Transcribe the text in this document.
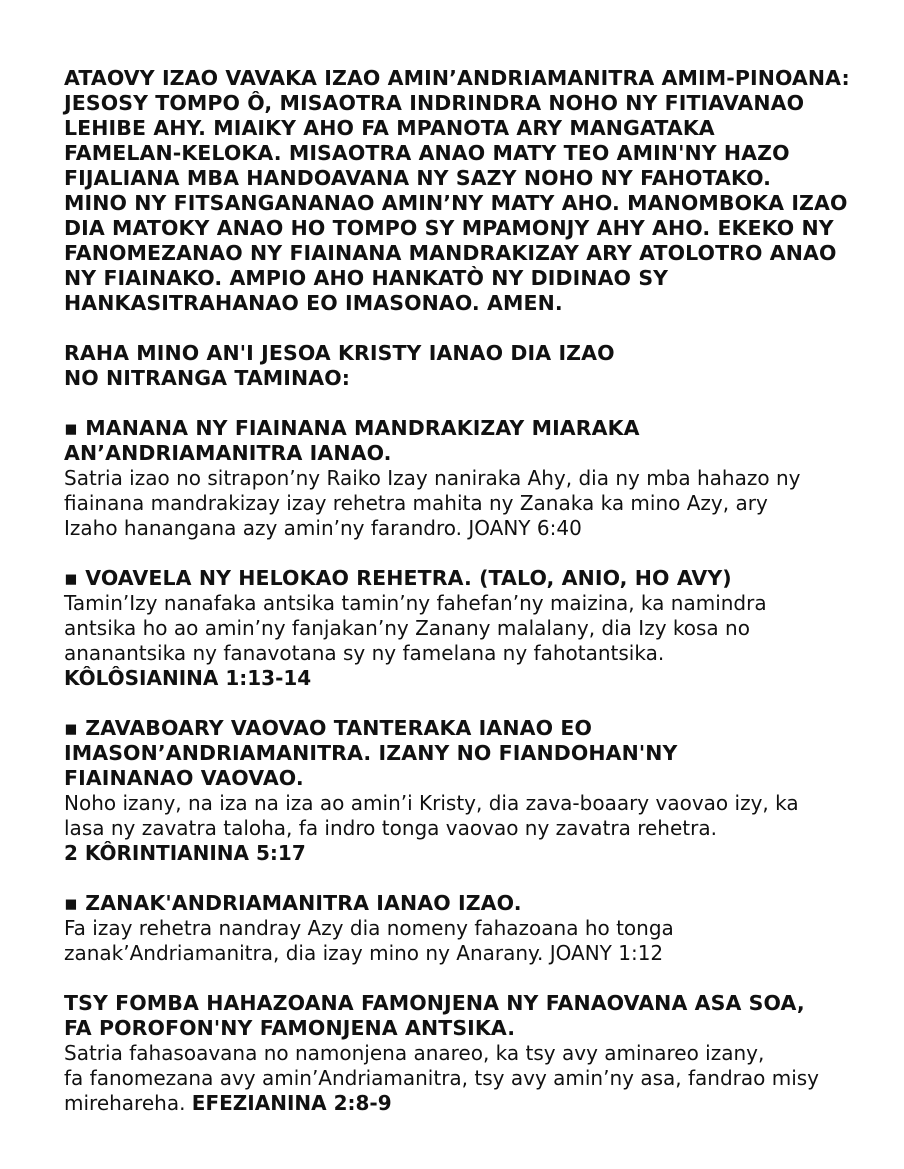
ATAOVY IZAO VAVAKA IZAO AMIN’ANDRIAMANITRA AMIM-PINOANA:
JESOSY TOMPO Ô, MISAOTRA INDRINDRA NOHO NY FITIAVANAO
LEHIBE AHY. MIAIKY AHO FA MPANOTA ARY MANGATAKA
FAMELAN-KELOKA. MISAOTRA ANAO MATY TEO AMIN'NY HAZO
FIJALIANA MBA HANDOAVANA NY SAZY NOHO NY FAHOTAKO.
MINO NY FITSANGANANAO AMIN’NY MATY AHO. MANOMBOKA IZAO
DIA MATOKY ANAO HO TOMPO SY MPAMONJY AHY AHO. EKEKO NY
FANOMEZANAO NY FIAINANA MANDRAKIZAY ARY ATOLOTRO ANAO
NY FIAINAKO. AMPIO AHO HANKATÒ NY DIDINAO SY
HANKASITRAHANAO EO IMASONAO. AMEN.
RAHA MINO AN'I JESOA KRISTY IANAO DIA IZAO
NO NITRANGA TAMINAO:
▪ MANANA NY FIAINANA MANDRAKIZAY MIARAKA
AN’ANDRIAMANITRA IANAO.
Satria izao no sitrapon’ny Raiko Izay naniraka Ahy, dia ny mba hahazo ny
fiainana mandrakizay izay rehetra mahita ny Zanaka ka mino Azy, ary
Izaho hanangana azy amin’ny farandro. JOANY 6:40
▪ VOAVELA NY HELOKAO REHETRA. (TALO, ANIO, HO AVY)
Tamin’Izy nanafaka antsika tamin’ny fahefan’ny maizina, ka namindra
antsika ho ao amin’ny fanjakan’ny Zanany malalany, dia Izy kosa no
ananantsika ny fanavotana sy ny famelana ny fahotantsika.
KÔLÔSIANINA 1:13-14
▪ ZAVABOARY VAOVAO TANTERAKA IANAO EO
IMASON’ANDRIAMANITRA. IZANY NO FIANDOHAN'NY
FIAINANAO VAOVAO.
Noho izany, na iza na iza ao amin’i Kristy, dia zava-boaary vaovao izy, ka
lasa ny zavatra taloha, fa indro tonga vaovao ny zavatra rehetra.
2 KÔRINTIANINA 5:17
▪ ZANAK'ANDRIAMANITRA IANAO IZAO.
Fa izay rehetra nandray Azy dia nomeny fahazoana ho tonga
zanak’Andriamanitra, dia izay mino ny Anarany. JOANY 1:12
TSY FOMBA HAHAZOANA FAMONJENA NY FANAOVANA ASA SOA,
FA POROFON'NY FAMONJENA ANTSIKA.
Satria fahasoavana no namonjena anareo, ka tsy avy aminareo izany,
fa fanomezana avy amin’Andriamanitra, tsy avy amin’ny asa, fandrao misy
mirehareha. EFEZIANINA 2:8-9
